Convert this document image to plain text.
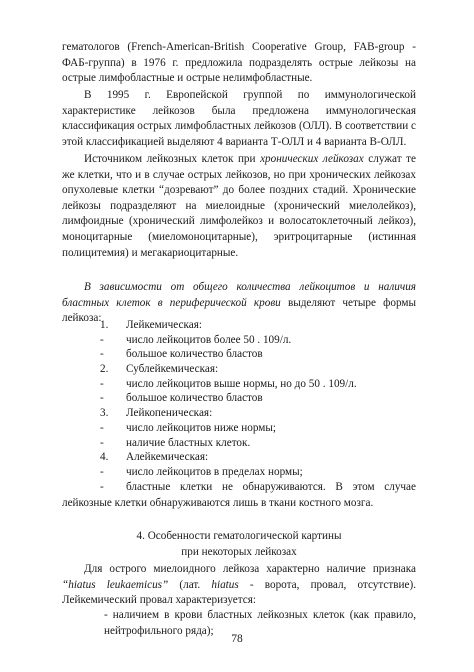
гематологов (French-American-British Cooperative Group, FAB-group - ФАБ-группа) в 1976 г. предложила подразделять острые лейкозы на острые лимфобластные и острые нелимфобластные.

В 1995 г. Европейской группой по иммунологической характеристике лейкозов была предложена иммунологическая классификация острых лимфобластных лейкозов (ОЛЛ). В соответствии с этой классификацией выделяют 4 варианта Т-ОЛЛ и 4 варианта В-ОЛЛ.

Источником лейкозных клеток при хронических лейкозах служат те же клетки, что и в случае острых лейкозов, но при хронических лейкозах опухолевые клетки “дозревают” до более поздних стадий. Хронические лейкозы подразделяют на миелоидные (хронический миелолейкоз), лимфоидные (хронический лимфолейкоз и волосатоклеточный лейкоз), моноцитарные (миеломоноцитарные), эритроцитарные (истинная полицитемия) и мегакариоцитарные.

В зависимости от общего количества лейкоцитов и наличия бластных клеток в периферической крови выделяют четыре формы лейкоза:

1. Лейкемическая:
- число лейкоцитов более 50 . 109/л.
- большое количество бластов
2. Сублейкемическая:
- число лейкоцитов выше нормы, но до 50 . 109/л.
- большое количество бластов
3. Лейкопеническая:
- число лейкоцитов ниже нормы;
- наличие бластных клеток.
4. Алейкемическая:
- число лейкоцитов в пределах нормы;
- бластные клетки не обнаруживаются. В этом случае
лейкозные клетки обнаруживаются лишь в ткани костного мозга.

4. Особенности гематологической картины

при некоторых лейкозах

Для острого миелоидного лейкоза характерно наличие признака “hiatus leukaemicus” (лат. hiatus - ворота, провал, отсутствие). Лейкемический провал характеризуется:

- наличием в крови бластных лейкозных клеток (как правило, нейтрофильного ряда);

78
